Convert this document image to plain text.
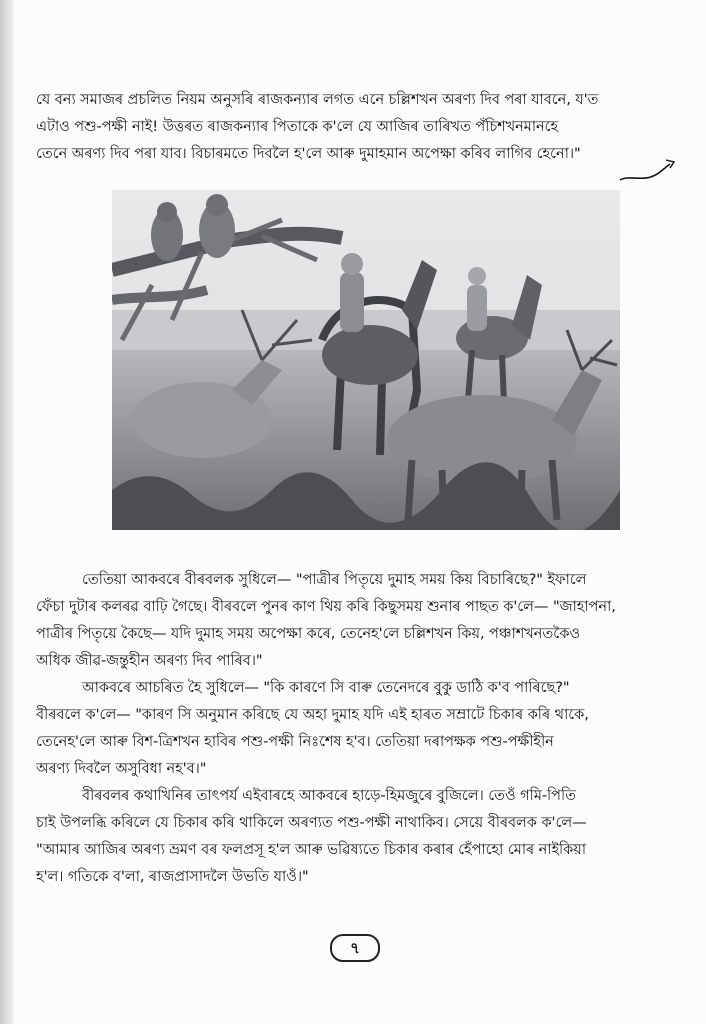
যে বন্য সমাজৰ প্ৰচলিত নিয়ম অনুসৰি ৰাজকন্যাৰ লগত এনে চল্লিশখন অৰণ্য দিব পৰা যাবনে, য'ত
এটাও পশু-পক্ষী নাই! উত্তৰত ৰাজকন্যাৰ পিতাকে ক'লে যে আজিৰ তাৰিখত পঁচিশখনমানহে
তেনে অৰণ্য দিব পৰা যাব। বিচাৰমতে দিবলৈ হ'লে আৰু দুমাহমান অপেক্ষা কৰিব লাগিব হেনো।"
তেতিয়া আকবৰে বীৰবলক সুধিলে— "পাত্ৰীৰ পিতৃয়ে দুমাহ সময় কিয় বিচাৰিছে?" ইফালে
ফেঁচা দুটাৰ কলৰৱ বাঢ়ি গৈছে। বীৰবলে পুনৰ কাণ থিয় কৰি কিছুসময় শুনাৰ পাছত ক'লে— "জাহাপনা,
পাত্ৰীৰ পিতৃয়ে কৈছে— যদি দুমাহ সময় অপেক্ষা কৰে, তেনেহ'লে চল্লিশখন কিয়, পঞ্চাশখনতকৈও
অধিক জীৱ-জন্তুহীন অৰণ্য দিব পাৰিব।"
আকবৰে আচৰিত হৈ সুধিলে— "কি কাৰণে সি বাৰু তেনেদৰে বুকু ডাঠি ক'ব পাৰিছে?"
বীৰবলে ক'লে— "কাৰণ সি অনুমান কৰিছে যে অহা দুমাহ যদি এই হাৰত সম্ৰাটে চিকাৰ কৰি থাকে,
তেনেহ'লে আৰু বিশ-ত্ৰিশখন হাবিৰ পশু-পক্ষী নিঃশেষ হ'ব। তেতিয়া দৰাপক্ষক পশু-পক্ষীহীন
অৰণ্য দিবলৈ অসুবিধা নহ'ব।"
বীৰবলৰ কথাখিনিৰ তাৎপৰ্য এইবাৰহে আকবৰে হাড়ে-হিমজুৰে বুজিলে। তেওঁ গমি-পিতি
চাই উপলব্ধি কৰিলে যে চিকাৰ কৰি থাকিলে অৰণ্যত পশু-পক্ষী নাথাকিব। সেয়ে বীৰবলক ক'লে—
"আমাৰ আজিৰ অৰণ্য ভ্ৰমণ বৰ ফলপ্ৰসূ হ'ল আৰু ভৱিষ্যতে চিকাৰ কৰাৰ হেঁপাহো মোৰ নাইকিয়া
হ'ল। গতিকে ব'লা, ৰাজপ্ৰাসাদলৈ উভতি যাওঁ।"
৭
